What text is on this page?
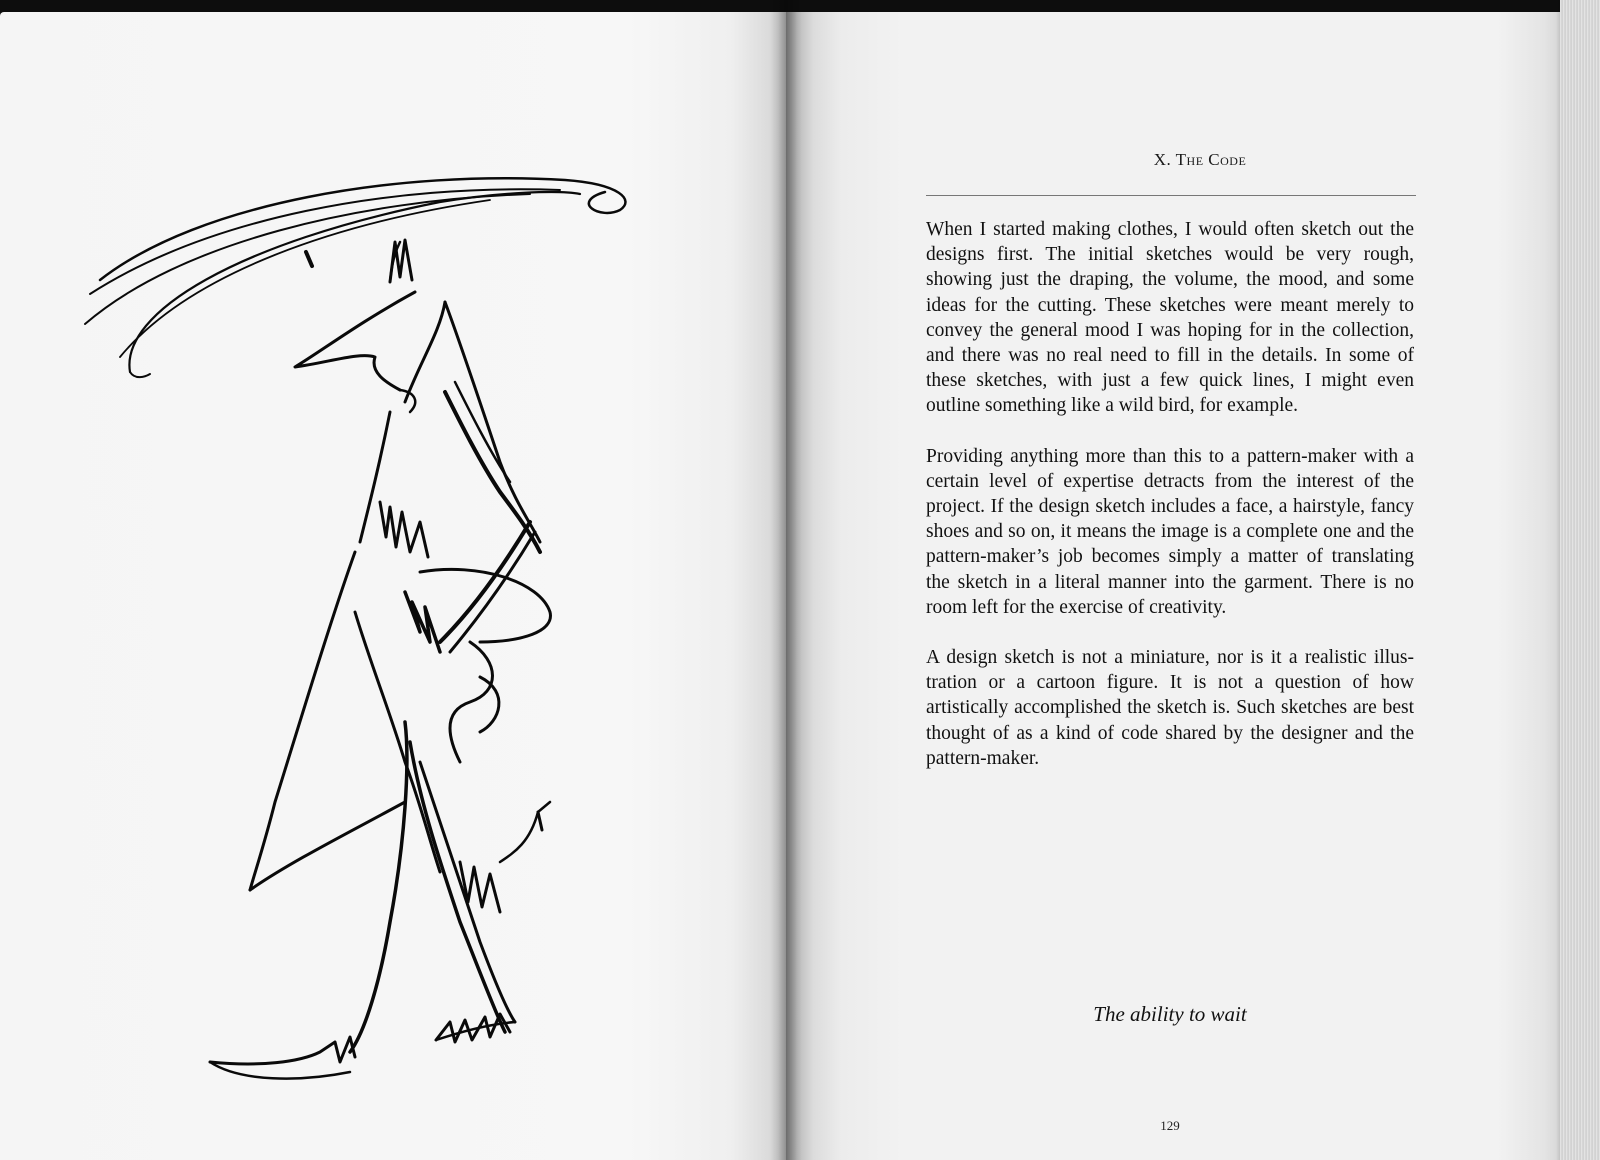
X. The Code

When I started making clothes, I would often sketch out the designs first. The initial sketches would be very rough, showing just the draping, the volume, the mood, and some ideas for the cutting. These sketches were meant merely to convey the general mood I was hoping for in the collection, and there was no real need to fill in the details. In some of these sketches, with just a few quick lines, I might even outline something like a wild bird, for example.

Providing anything more than this to a pattern-maker with a certain level of expertise detracts from the interest of the project. If the design sketch includes a face, a hairstyle, fancy shoes and so on, it means the image is a complete one and the pattern-maker’s job becomes simply a matter of translating the sketch in a literal manner into the garment. There is no room left for the exercise of creativity.

A design sketch is not a miniature, nor is it a realistic illustration or a cartoon figure. It is not a question of how artistically accomplished the sketch is. Such sketches are best thought of as a kind of code shared by the designer and the pattern-maker.

The ability to wait
129
